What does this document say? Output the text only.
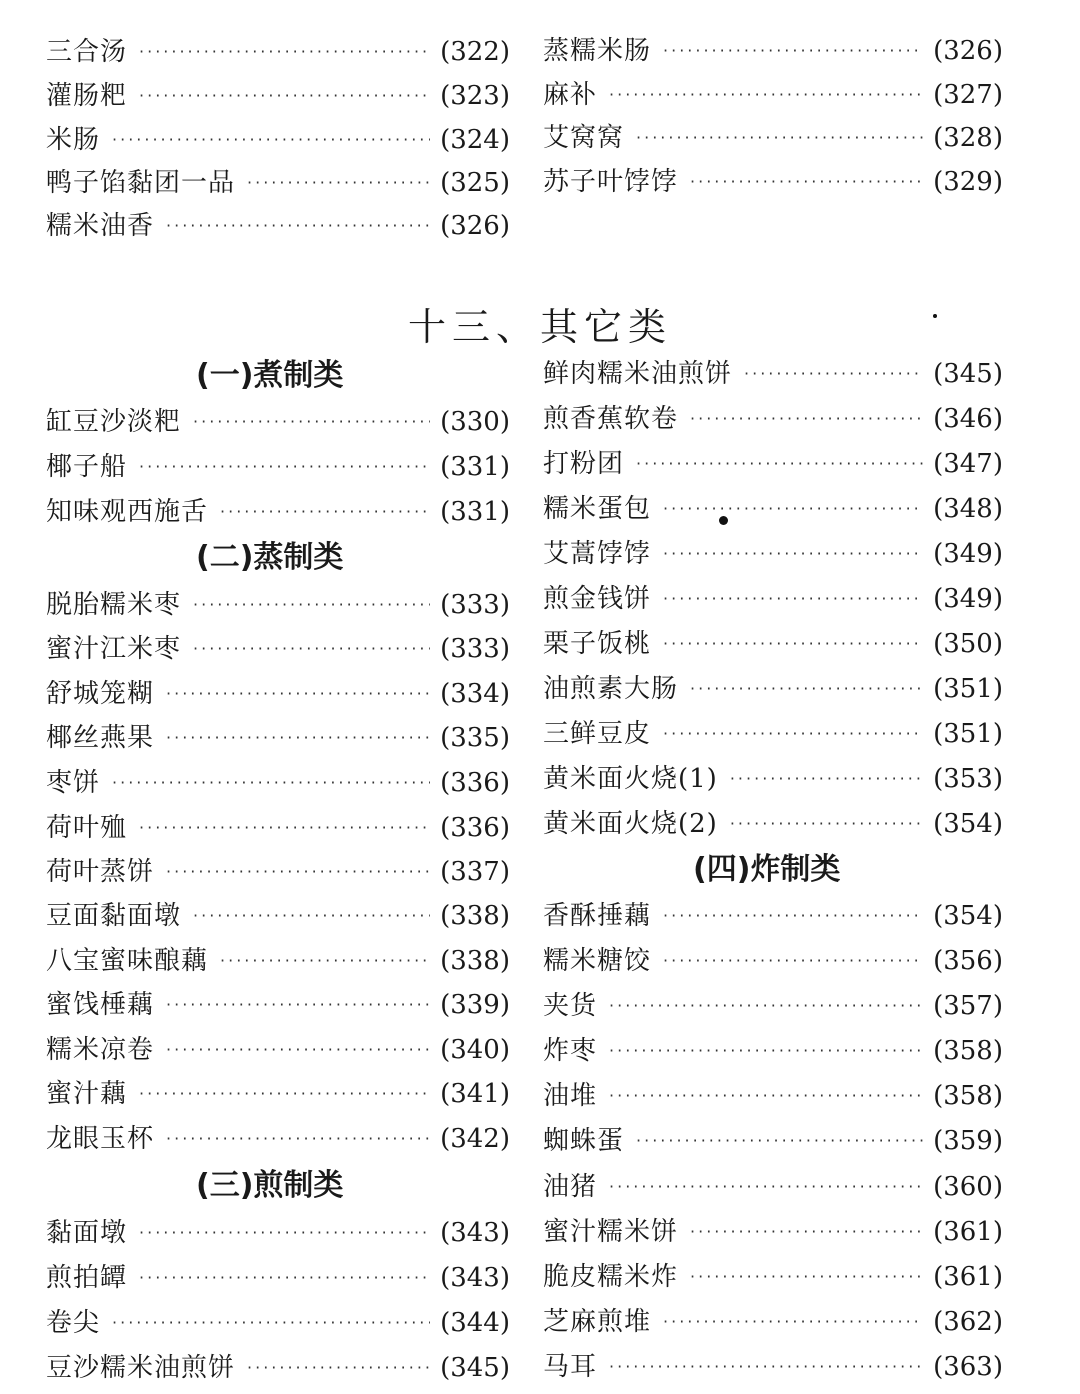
三合汤 ·····	(322)
灌肠粑 ·····	(323)
米肠 ·····	(324)
鸭子馅黏团一品 ·····	(325)
糯米油香 ·····	(326)
(一)煮制类
缸豆沙淡粑 ·····	(330)
椰子船 ·····	(331)
知味观西施舌 ·····	(331)
(二)蒸制类
脱胎糯米枣 ·····	(333)
蜜汁江米枣 ·····	(333)
舒城笼糊 ·····	(334)
椰丝燕果 ·····	(335)
枣饼 ·····	(336)
荷叶殈 ·····	(336)
荷叶蒸饼 ·····	(337)
豆面黏面墩 ·····	(338)
八宝蜜味酿藕 ·····	(338)
蜜饯棰藕 ·····	(339)
糯米凉卷 ·····	(340)
蜜汁藕 ·····	(341)
龙眼玉杯 ·····	(342)
(三)煎制类
黏面墩 ·····	(343)
煎拍罈 ·····	(343)
卷尖 ·····	(344)
豆沙糯米油煎饼 ·····	(345)
十三、其它类
蒸糯米肠 ·····	(326)
麻补 ·····	(327)
艾窝窝 ·····	(328)
苏子叶饽饽 ·····	(329)
鲜肉糯米油煎饼 ·····	(345)
煎香蕉软卷 ·····	(346)
打粉团 ·····	(347)
糯米蛋包 ·····	(348)
艾蒿饽饽 ·····	(349)
煎金钱饼 ·····	(349)
栗子饭桃 ·····	(350)
油煎素大肠 ·····	(351)
三鲜豆皮 ·····	(351)
黄米面火烧(1) ·····	(353)
黄米面火烧(2) ·····	(354)
(四)炸制类
香酥捶藕 ·····	(354)
糯米糖饺 ·····	(356)
夹货 ·····	(357)
炸枣 ·····	(358)
油堆 ·····	(358)
蜘蛛蛋 ·····	(359)
油猪 ·····	(360)
蜜汁糯米饼 ·····	(361)
脆皮糯米炸 ·····	(361)
芝麻煎堆 ·····	(362)
马耳 ·····	(363)
